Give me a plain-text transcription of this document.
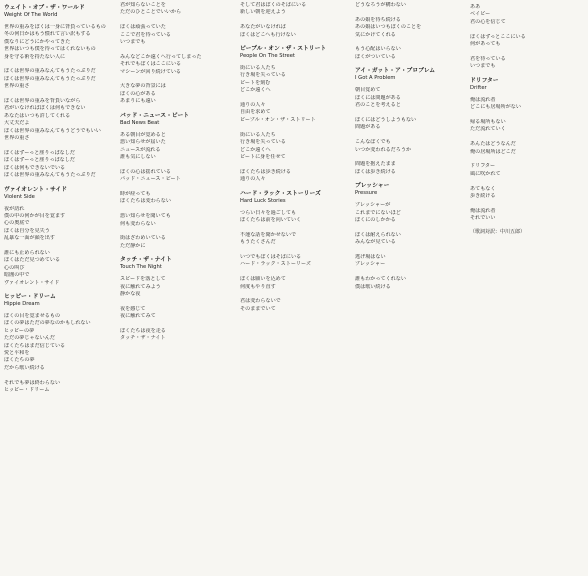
ウェイト・オブ・ザ・ワールド
Weight Of The World
世界の重みをぼくは一身に背負っているもの
冬の何日かはもう慣れて言い訳もする
僕なりにどうにかやってきた
世界はいつも僕を待ってはくれないもの
身を守る術を持たない人に

ぼくは世界の重みなんてもうたっぷりだ
ぼくは世界の重みなんてもうたっぷりだ
世界の重さ

ぼくは世界の重みを背負いながら
君がいなければぼくは何もできない
あなたはいつも許してくれる
大丈夫だよ
ぼくは世界の重みなんてもうどうでもいい
世界の重さ

ぼくはずーっと座りっぱなしだ
ぼくはずーっと座りっぱなしだ
ぼくは何もできないでいる
ぼくは世界の重みなんてもうたっぷりだ
ヴァイオレント・サイド
Violent Side
夜が訪れ
僕の中の何かが目を覚ます
心の奥底で
ぼくは自分を見失う
乱暴な一面が顔を出す

誰にも止められない
ぼくはただ見つめている
心の叫び
暗闇の中で
ヴァイオレント・サイド
ヒッピー・ドリーム
Hippie Dream
ぼくの目を覚ませるもの
ぼくの夢はただの夢なのかもしれない
ヒッピーの夢
ただの夢じゃないんだ
ぼくたちはまだ信じている
愛と平和を
ぼくたちの夢
だから歌い続ける

それでも夢は終わらない
ヒッピー・ドリーム
君が知らないことを
ただのひとことでいいから

ぼくは頑張っていた
ここで君を待っている
いつまでも

みんなどこか遠くへ行ってしまった
それでもぼくはここにいる
マシーンが回り続けている

大きな夢の背景には
ぼくの心がある
あまりにも遠い
バッド・ニュース・ビート
Bad News Beat
ある朝目が覚めると
悪い知らせが届いた
ニュースが流れる
誰も気にしない

ぼくの心は揺れている
バッド・ニュース・ビート

時が経っても
ぼくたちは変わらない

悪い知らせを聞いても
何も変わらない

街はざわめいている
ただ静かに
タッチ・ザ・ナイト
Touch The Night
スピードを落として
夜に触れてみよう
静かな夜

夜を感じて
夜に触れてみて

ぼくたちは夜を走る
タッチ・ザ・ナイト
そして君はぼくのそばにいる
新しい朝を迎えよう

あなたがいなければ
ぼくはどこへも行けない
ピープル・オン・ザ・ストリート
People On The Street
街にいる人たち
行き場を失っている
ビートを刻む
どこか遠くへ

通りの人々
自由を求めて
ピープル・オン・ザ・ストリート

街にいる人たち
行き場を失っている
どこか遠くへ
ビートに身を任せて

ぼくたちは歩き続ける
通りの人々
ハード・ラック・ストーリーズ
Hard Luck Stories
つらい日々を過ごしても
ぼくたちは前を向いていく

不運な話を聞かせないで
もうたくさんだ

いつでもぼくはそばにいる
ハード・ラック・ストーリーズ

ぼくは願いを込めて
何度もやり直す

君は変わらないで
そのままでいて
どうなろうが構わない

あの娘を待ち続ける
あの娘はいつもぼくのことを
気にかけてくれる

もう心配はいらない
ぼくがついている
アイ・ガット・ア・プロブレム
I Got A Problem
朝目覚めて
ぼくには問題がある
君のことを考えると

ぼくにはどうしようもない
問題がある

こんなぼくでも
いつか変われるだろうか

問題を抱えたまま
ぼくは歩き続ける
プレッシャー
Pressure
プレッシャーが
これまでにないほど
ぼくにのしかかる

ぼくは耐えられない
みんなが見ている

逃げ場はない
プレッシャー

誰もわかってくれない
僕は歌い続ける
ああ
ベイビー
君の心を信じて

ぼくはずっとここにいる
何があっても

君を待っている
いつまでも
ドリフター
Drifter
俺は流れ者
どこにも居場所がない

帰る場所もない
ただ流れていく

あんたはどうなんだ
俺の居場所はどこだ

ドリフター
風に吹かれて

あてもなく
歩き続ける

俺は流れ者
それでいい
（歌詞対訳：中川五郎）
